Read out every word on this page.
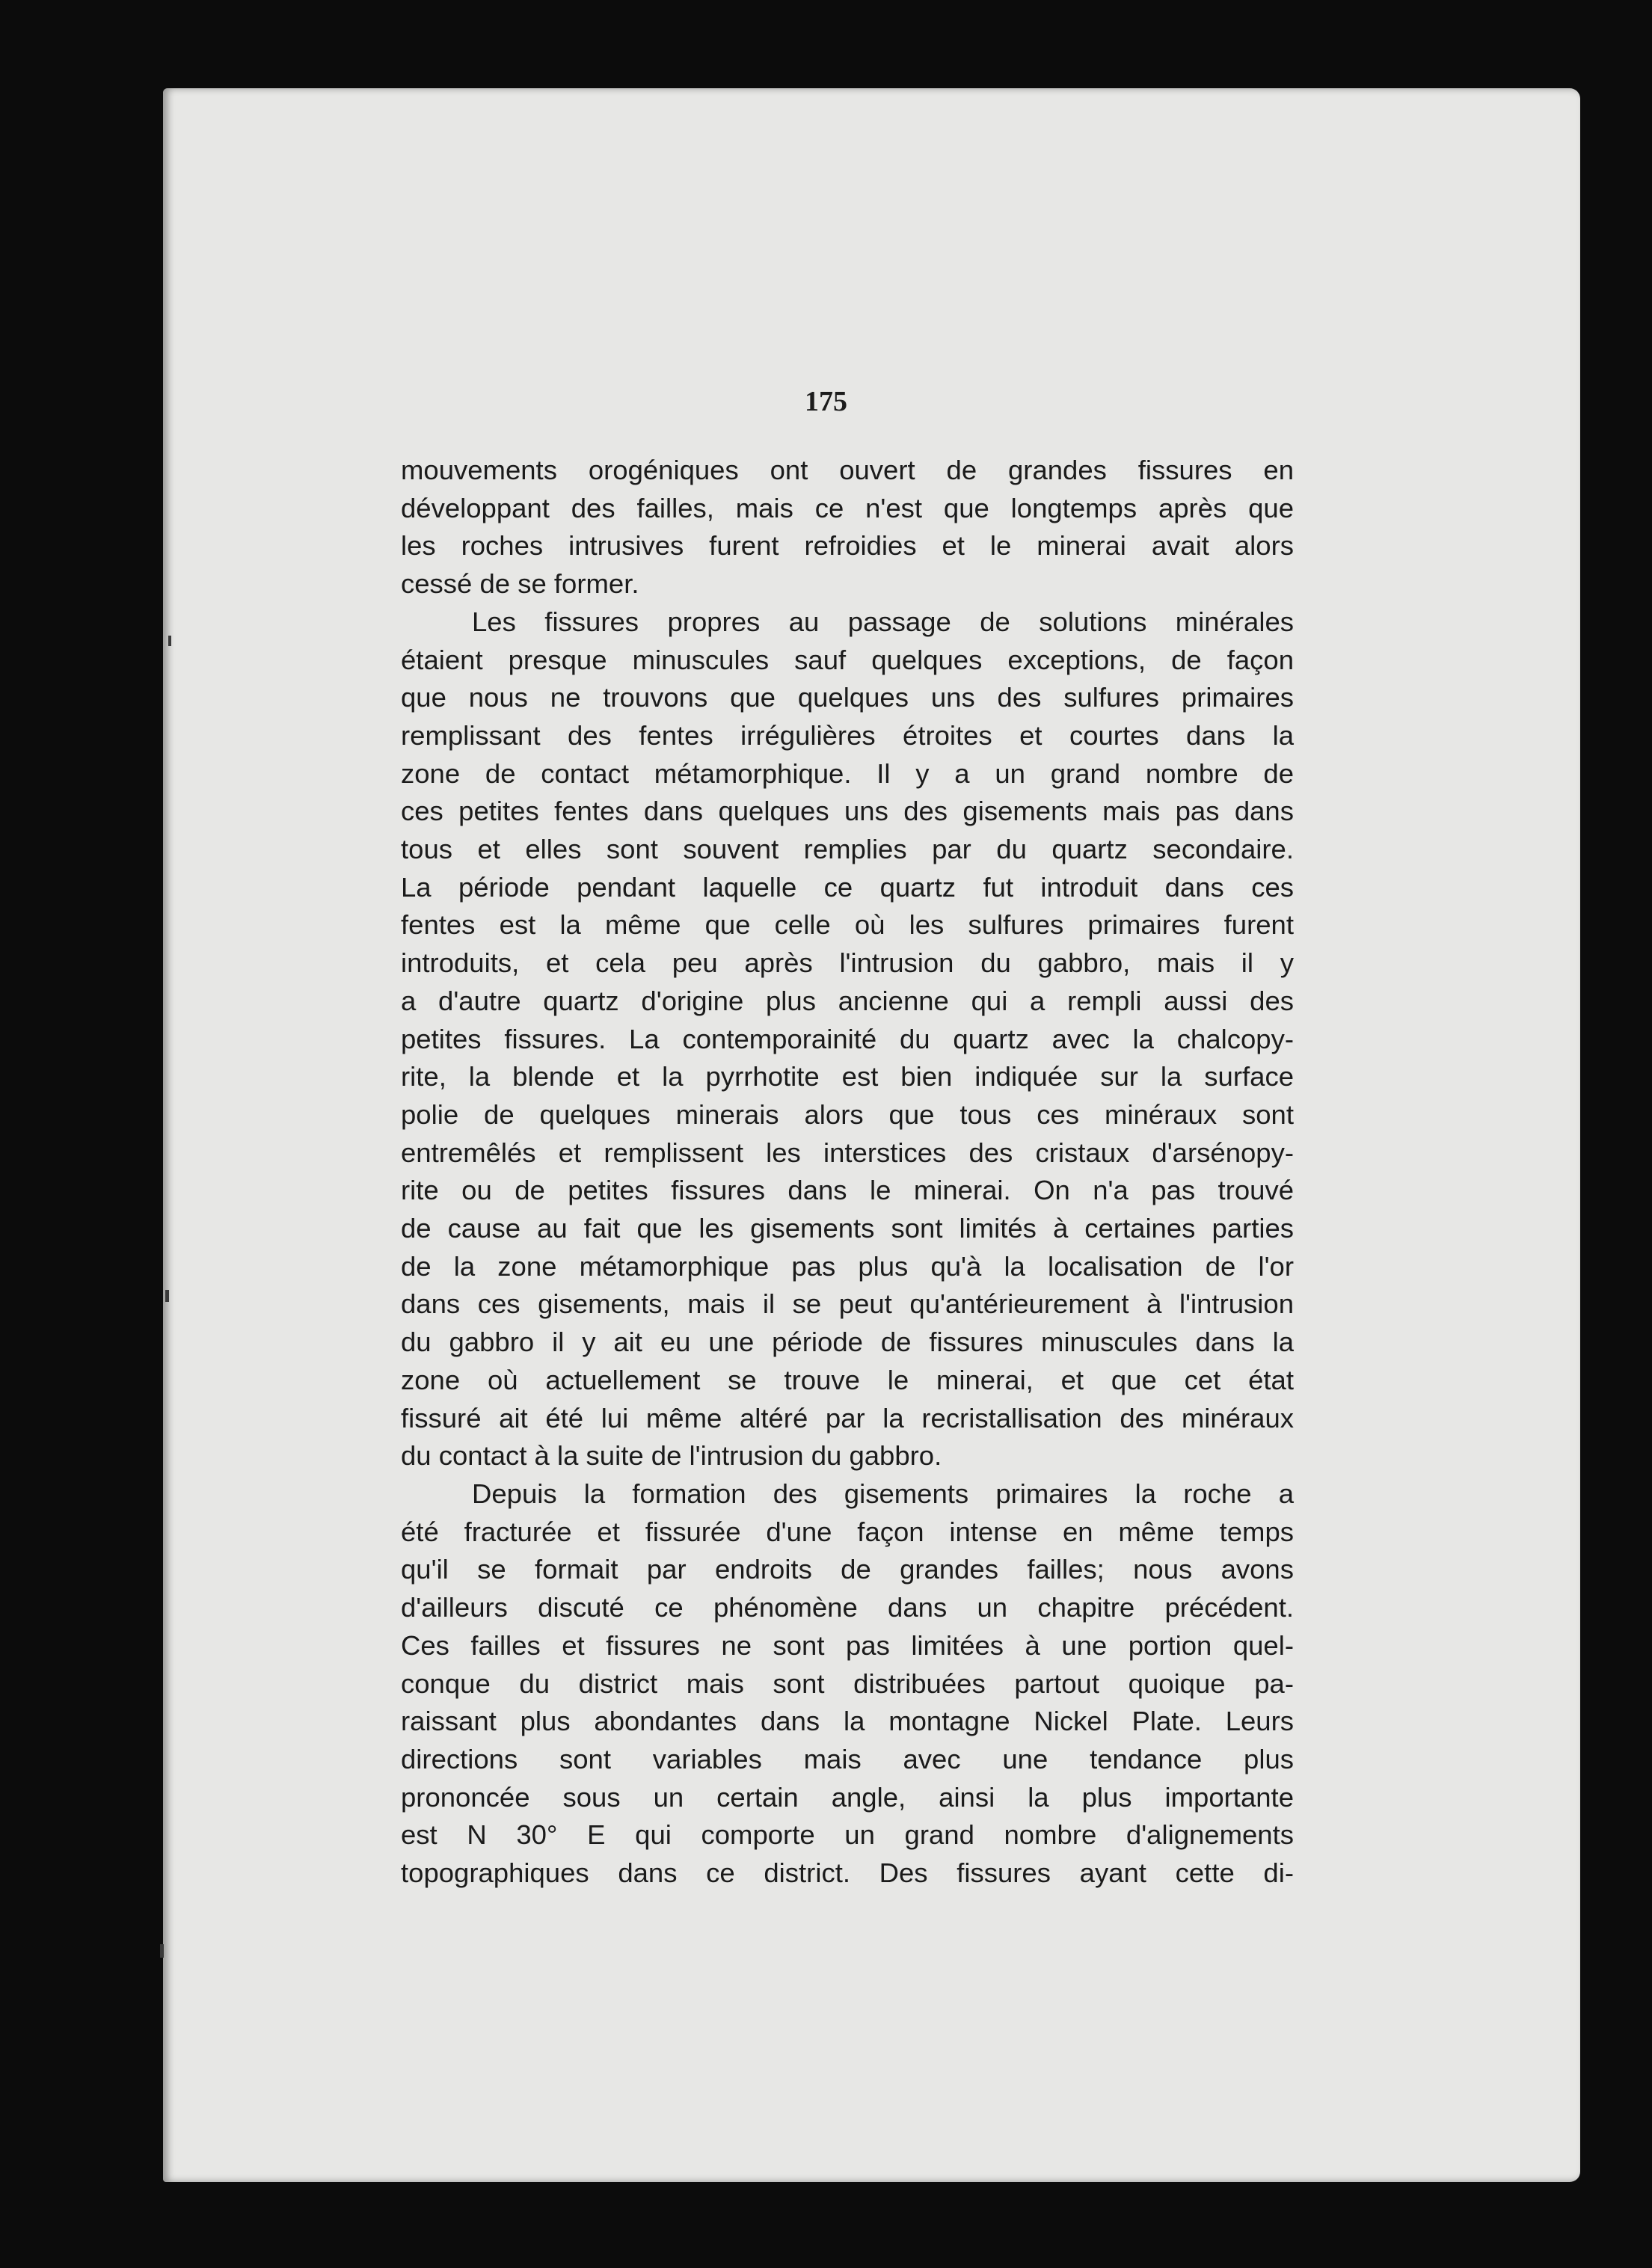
175

mouvements orogéniques ont ouvert de grandes fissures en
développant des failles, mais ce n'est que longtemps après que
les roches intrusives furent refroidies et le minerai avait alors
cessé de se former.

Les fissures propres au passage de solutions minérales
étaient presque minuscules sauf quelques exceptions, de façon
que nous ne trouvons que quelques uns des sulfures primaires
remplissant des fentes irrégulières étroites et courtes dans la
zone de contact métamorphique. Il y a un grand nombre de
ces petites fentes dans quelques uns des gisements mais pas dans
tous et elles sont souvent remplies par du quartz secondaire.
La période pendant laquelle ce quartz fut introduit dans ces
fentes est la même que celle où les sulfures primaires furent
introduits, et cela peu après l'intrusion du gabbro, mais il y
a d'autre quartz d'origine plus ancienne qui a rempli aussi des
petites fissures. La contemporainité du quartz avec la chalcopy-
rite, la blende et la pyrrhotite est bien indiquée sur la surface
polie de quelques minerais alors que tous ces minéraux sont
entremêlés et remplissent les interstices des cristaux d'arsénopy-
rite ou de petites fissures dans le minerai. On n'a pas trouvé
de cause au fait que les gisements sont limités à certaines parties
de la zone métamorphique pas plus qu'à la localisation de l'or
dans ces gisements, mais il se peut qu'antérieurement à l'intrusion
du gabbro il y ait eu une période de fissures minuscules dans la
zone où actuellement se trouve le minerai, et que cet état
fissuré ait été lui même altéré par la recristallisation des minéraux
du contact à la suite de l'intrusion du gabbro.

Depuis la formation des gisements primaires la roche a
été fracturée et fissurée d'une façon intense en même temps
qu'il se formait par endroits de grandes failles; nous avons
d'ailleurs discuté ce phénomène dans un chapitre précédent.
Ces failles et fissures ne sont pas limitées à une portion quel-
conque du district mais sont distribuées partout quoique pa-
raissant plus abondantes dans la montagne Nickel Plate. Leurs
directions sont variables mais avec une tendance plus
prononcée sous un certain angle, ainsi la plus importante
est N 30° E qui comporte un grand nombre d'alignements
topographiques dans ce district. Des fissures ayant cette di-
